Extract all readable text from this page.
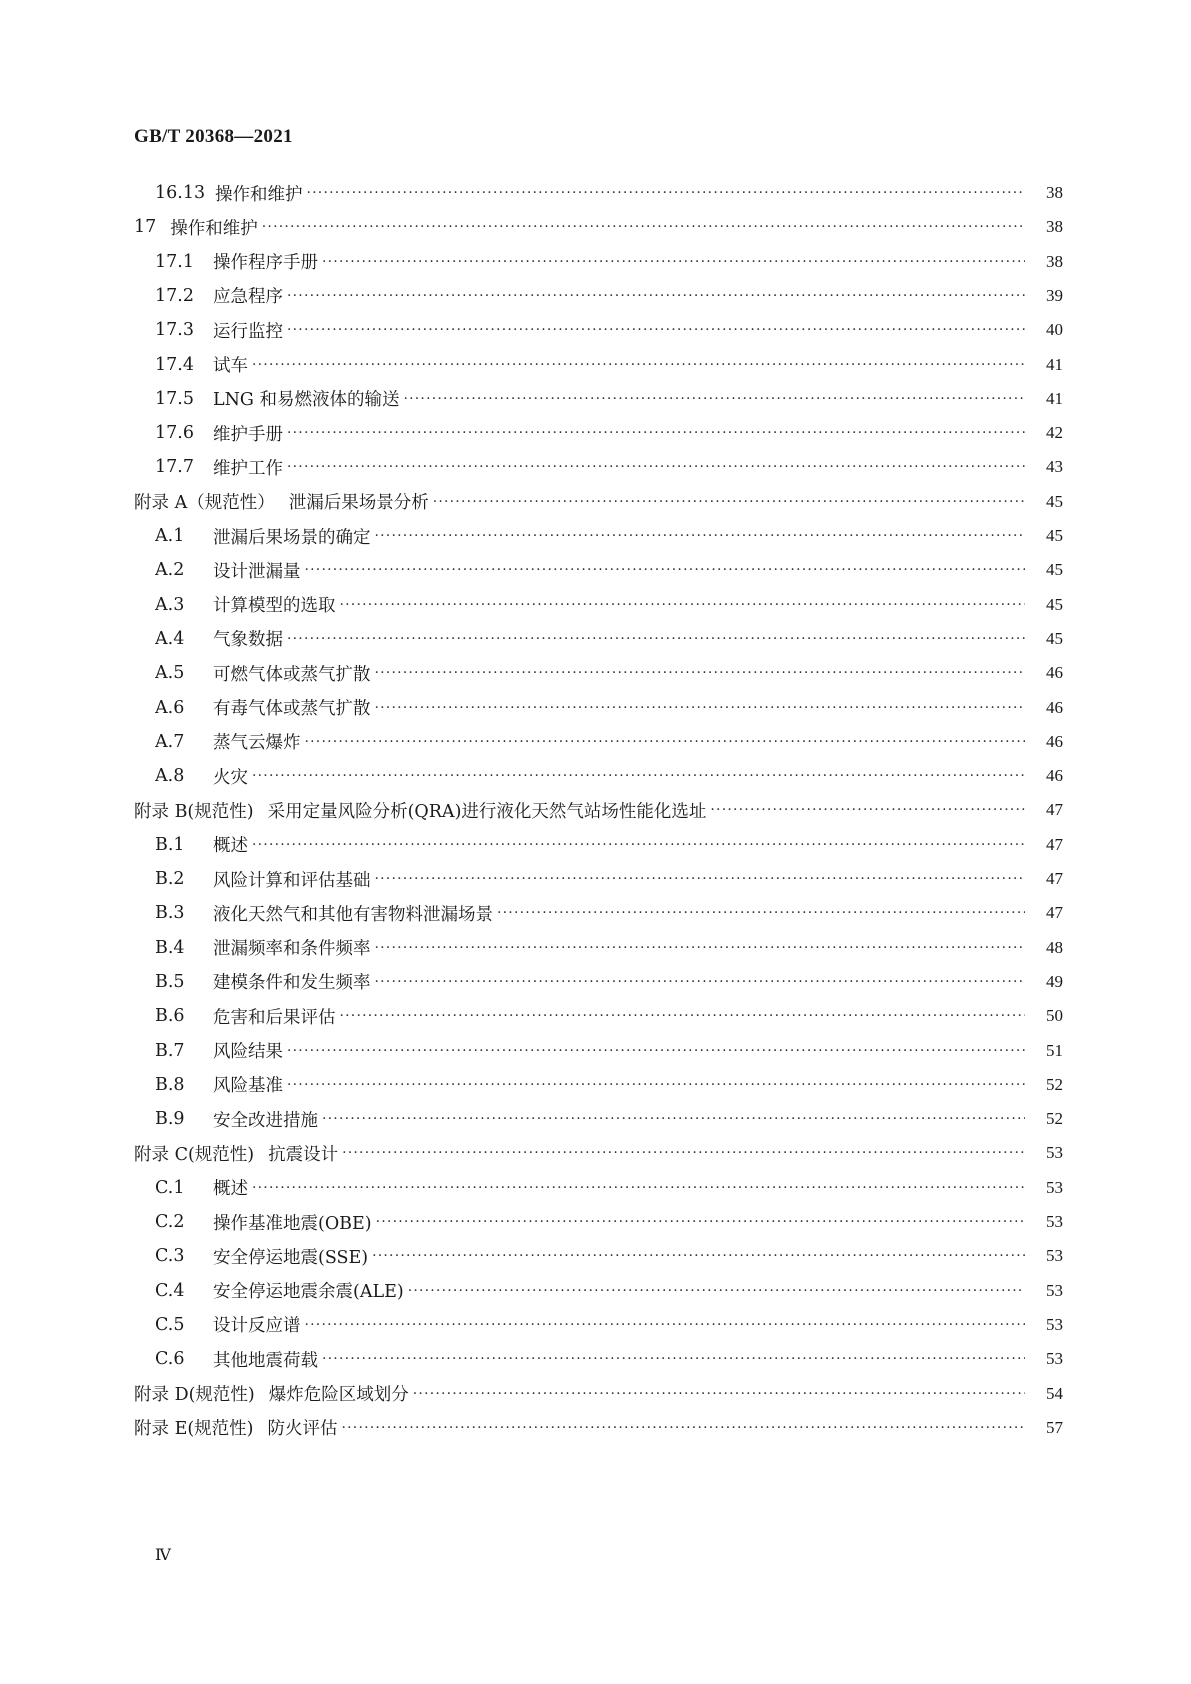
GB/T 20368—2021
16.13 操作和维护 ·····	38
17 操作和维护 ·····	38
17.1	操作程序手册 ·····	38
17.2	应急程序 ·····	39
17.3	运行监控 ·····	40
17.4	试车 ·····	41
17.5	LNG 和易燃液体的输送 ·····	41
17.6	维护手册 ·····	42
17.7	维护工作 ·····	43
附录 A（规范性） 泄漏后果场景分析 ·····	45
A.1	泄漏后果场景的确定 ·····	45
A.2	设计泄漏量 ·····	45
A.3	计算模型的选取 ·····	45
A.4	气象数据 ·····	45
A.5	可燃气体或蒸气扩散 ·····	46
A.6	有毒气体或蒸气扩散 ·····	46
A.7	蒸气云爆炸 ·····	46
A.8	火灾 ·····	46
附录 B(规范性) 采用定量风险分析(QRA)进行液化天然气站场性能化选址 ·····	47
B.1	概述 ·····	47
B.2	风险计算和评估基础 ·····	47
B.3	液化天然气和其他有害物料泄漏场景 ·····	47
B.4	泄漏频率和条件频率 ·····	48
B.5	建模条件和发生频率 ·····	49
B.6	危害和后果评估 ·····	50
B.7	风险结果 ·····	51
B.8	风险基准 ·····	52
B.9	安全改进措施 ·····	52
附录 C(规范性) 抗震设计 ·····	53
C.1	概述 ·····	53
C.2	操作基准地震(OBE) ·····	53
C.3	安全停运地震(SSE) ·····	53
C.4	安全停运地震余震(ALE) ·····	53
C.5	设计反应谱 ·····	53
C.6	其他地震荷载 ·····	53
附录 D(规范性) 爆炸危险区域划分 ·····	54
附录 E(规范性) 防火评估 ·····	57
Ⅳ
